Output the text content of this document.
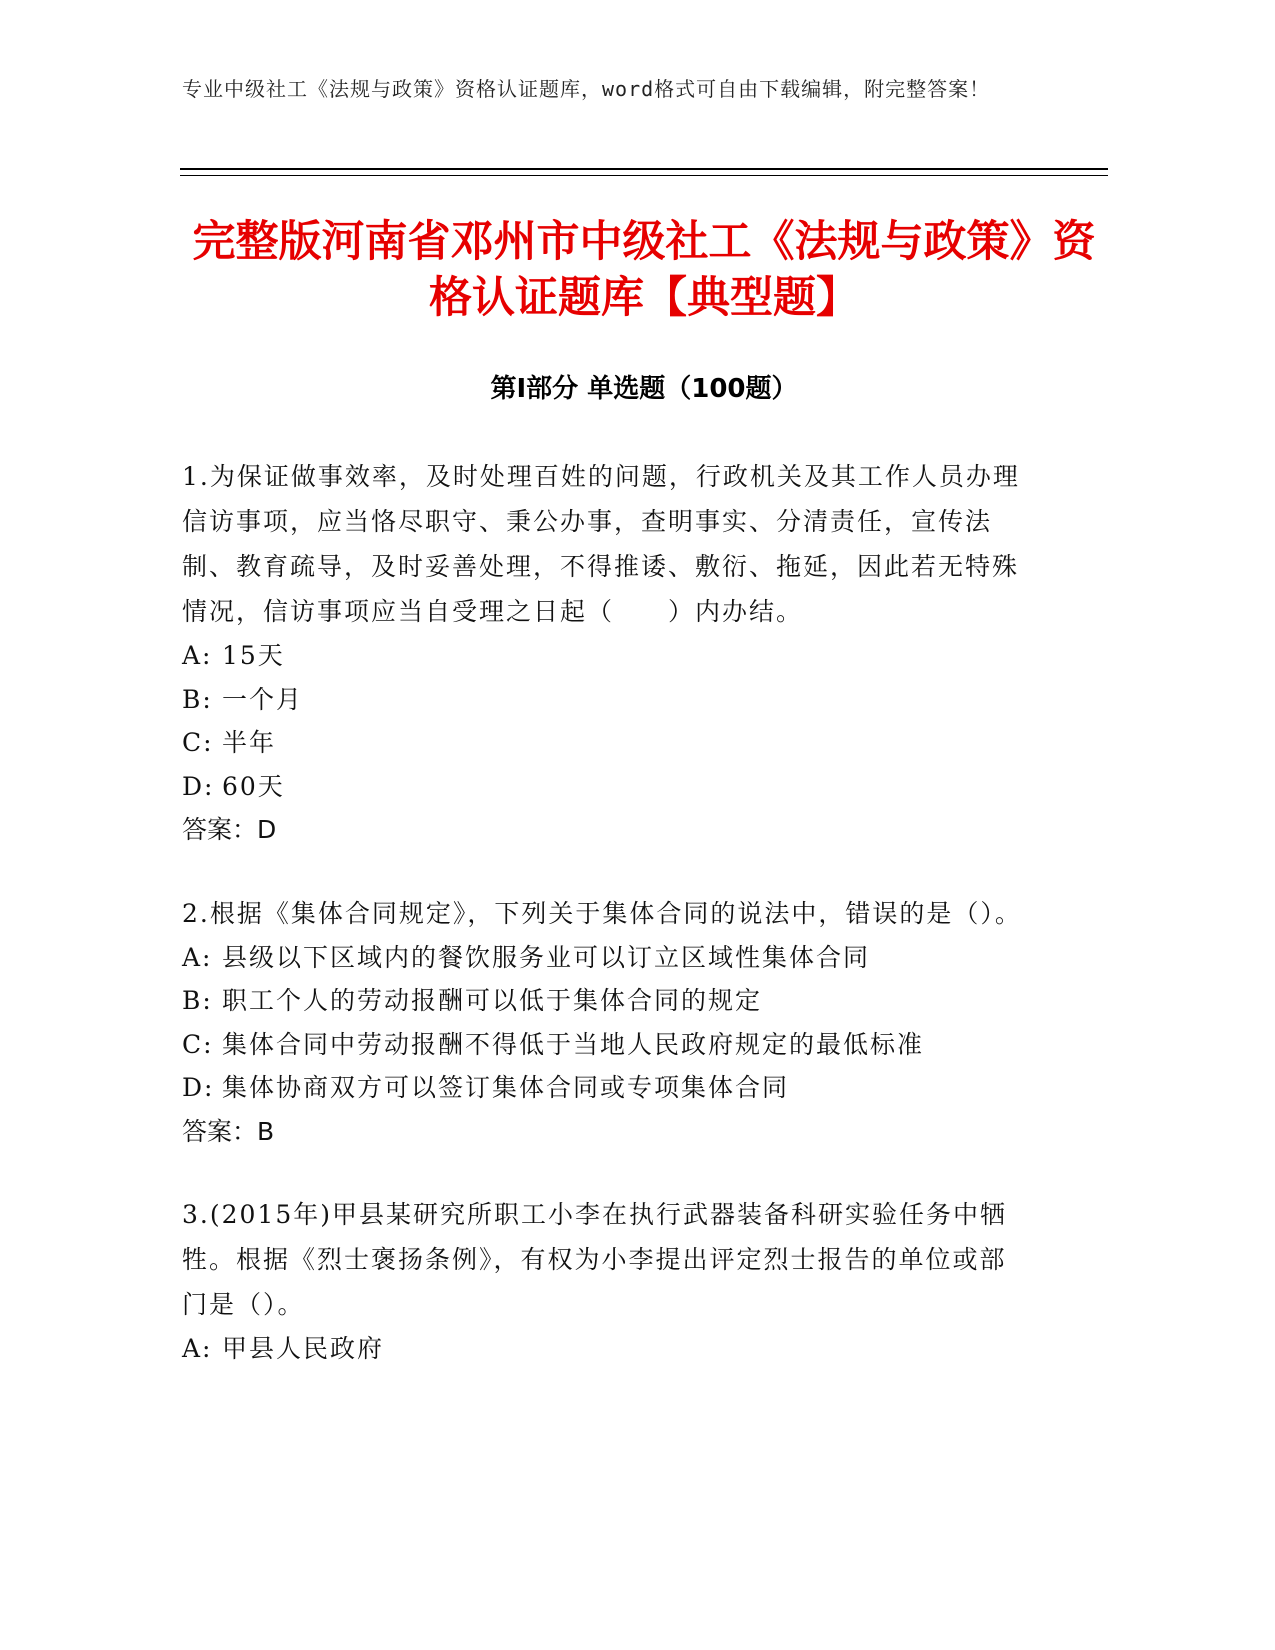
专业中级社工《法规与政策》资格认证题库，word格式可自由下载编辑，附完整答案！
完整版河南省邓州市中级社工《法规与政策》资格认证题库【典型题】
第Ⅰ部分 单选题（100题）

1.为保证做事效率，及时处理百姓的问题，行政机关及其工作人员办理信访事项，应当恪尽职守、秉公办事，查明事实、分清责任，宣传法制、教育疏导，及时妥善处理，不得推诿、敷衍、拖延，因此若无特殊情况，信访事项应当自受理之日起（　　）内办结。

A: 15天

B: 一个月

C: 半年

D: 60天

答案：D

2.根据《集体合同规定》，下列关于集体合同的说法中，错误的是（）。

A: 县级以下区域内的餐饮服务业可以订立区域性集体合同

B: 职工个人的劳动报酬可以低于集体合同的规定

C: 集体合同中劳动报酬不得低于当地人民政府规定的最低标准

D: 集体协商双方可以签订集体合同或专项集体合同

答案：B

3.(2015年)甲县某研究所职工小李在执行武器装备科研实验任务中牺牲。根据《烈士褒扬条例》，有权为小李提出评定烈士报告的单位或部门是（）。

A: 甲县人民政府
